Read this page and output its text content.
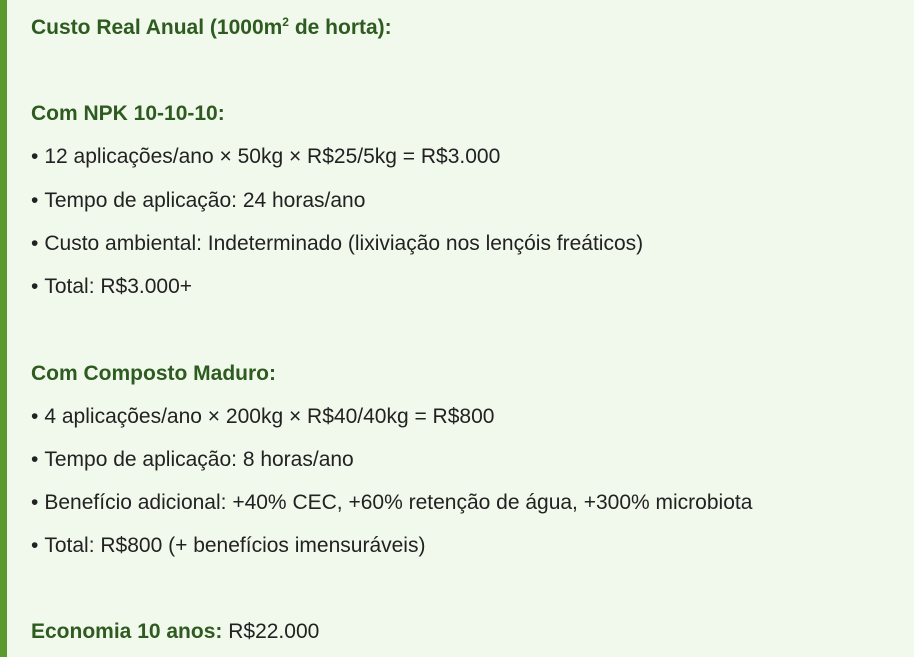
Custo Real Anual ($1000m^2$ de horta):
Com NPK 10-10-10:
• 12 aplicações/ano × 50kg × R$25/5kg = R$3.000
• Tempo de aplicação: 24 horas/ano
• Custo ambiental: Indeterminado (lixiviação nos lençóis freáticos)
• Total: R$3.000+
Com Composto Maduro:
• 4 aplicações/ano × 200kg × R$40/40kg = R$800
• Tempo de aplicação: 8 horas/ano
• Benefício adicional: +40% CEC, +60% retenção de água, +300% microbiota
• Total: R$800 (+ benefícios imensuráveis)
Economia 10 anos: R$22.000
